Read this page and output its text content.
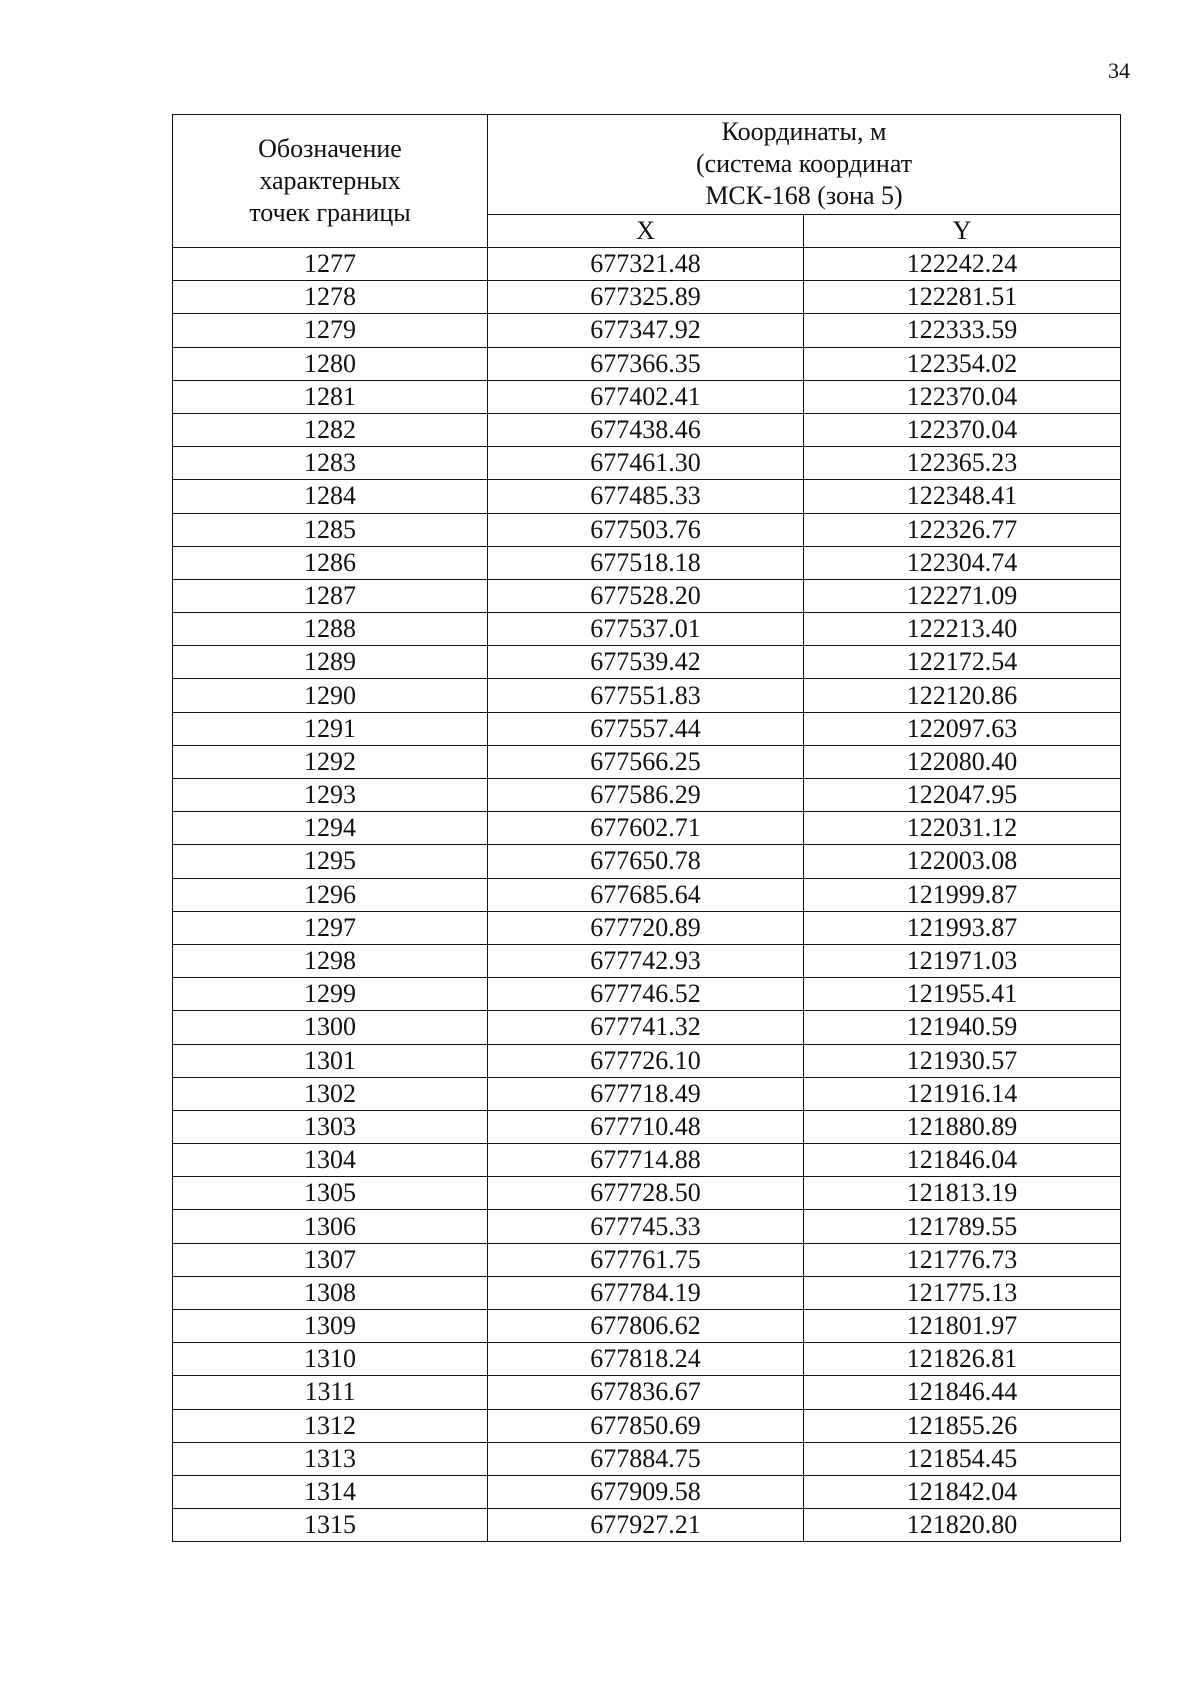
34
Обозначение
характерных
точек границы	Координаты, м
(система координат
МСК-168 (зона 5)	

	X	Y
1277	677321.48	122242.24
1278	677325.89	122281.51
1279	677347.92	122333.59
1280	677366.35	122354.02
1281	677402.41	122370.04
1282	677438.46	122370.04
1283	677461.30	122365.23
1284	677485.33	122348.41
1285	677503.76	122326.77
1286	677518.18	122304.74
1287	677528.20	122271.09
1288	677537.01	122213.40
1289	677539.42	122172.54
1290	677551.83	122120.86
1291	677557.44	122097.63
1292	677566.25	122080.40
1293	677586.29	122047.95
1294	677602.71	122031.12
1295	677650.78	122003.08
1296	677685.64	121999.87
1297	677720.89	121993.87
1298	677742.93	121971.03
1299	677746.52	121955.41
1300	677741.32	121940.59
1301	677726.10	121930.57
1302	677718.49	121916.14
1303	677710.48	121880.89
1304	677714.88	121846.04
1305	677728.50	121813.19
1306	677745.33	121789.55
1307	677761.75	121776.73
1308	677784.19	121775.13
1309	677806.62	121801.97
1310	677818.24	121826.81
1311	677836.67	121846.44
1312	677850.69	121855.26
1313	677884.75	121854.45
1314	677909.58	121842.04
1315	677927.21	121820.80
